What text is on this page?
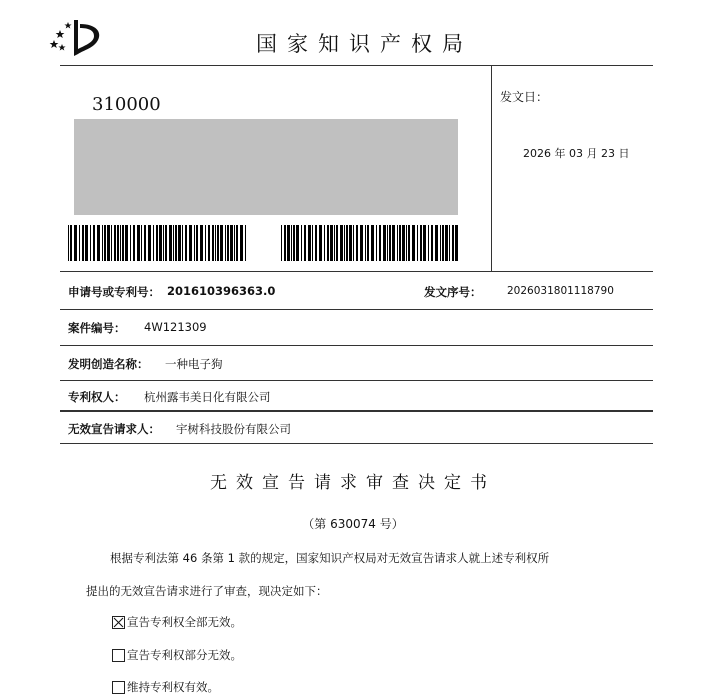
国家知识产权局
310000	发文日：
2026 年 03 月 23 日
申请号或专利号： 201610396363.0	发文序号： 2026031801118790
案件编号： 4W121309
发明创造名称： 一种电子狗
专利权人： 杭州露韦美日化有限公司
无效宣告请求人： 宇树科技股份有限公司
无效宣告请求审查决定书
（第 630074 号）
根据专利法第 46 条第 1 款的规定，国家知识产权局对无效宣告请求人就上述专利权所
提出的无效宣告请求进行了审查，现决定如下：
宣告专利权全部无效。
宣告专利权部分无效。
维持专利权有效。
